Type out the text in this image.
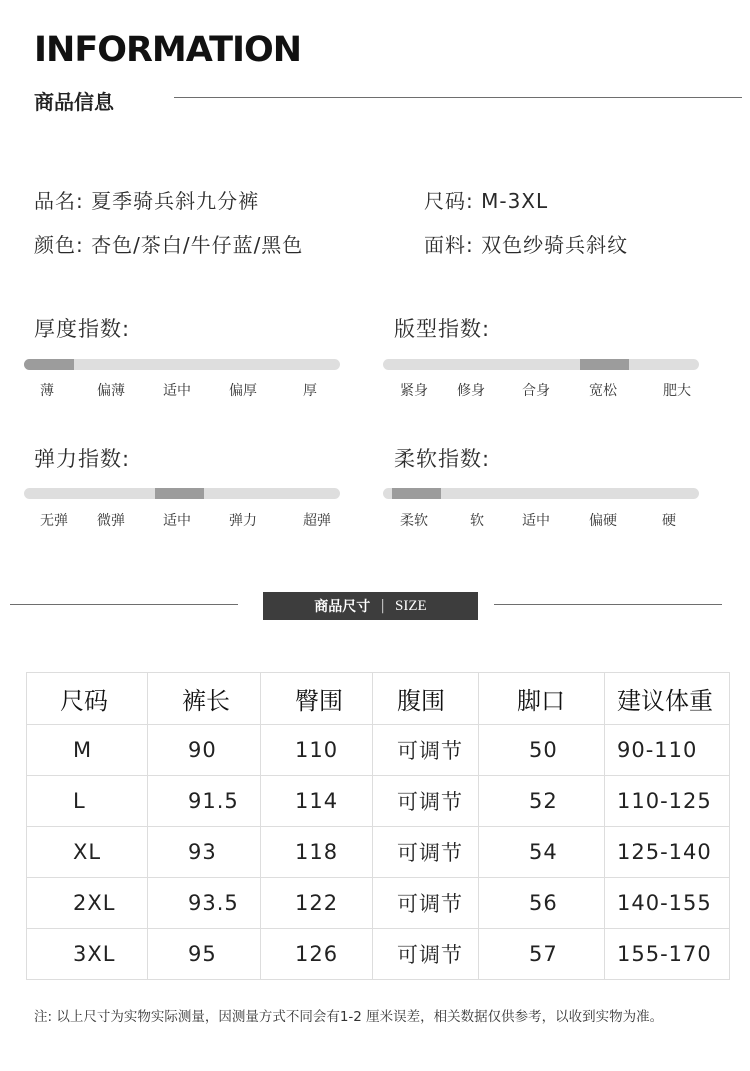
INFORMATION
商品信息
品名: 夏季骑兵斜九分裤	尺码: M-3XL
颜色: 杏色/茶白/牛仔蓝/黑色	面料: 双色纱骑兵斜纹
厚度指数:
薄	偏薄	适中	偏厚	厚
版型指数:
紧身 修身	合身	宽松	肥大
弹力指数:
无弹 微弹	适中	弹力	超弹
柔软指数:
柔软	软	适中	偏硬	硬
商品尺寸 | SIZE
尺码	裤长	臀围	腹围	脚口	建议体重
M	90	110	可调节	50	90-110
L	91.5	114	可调节	52	110-125
XL	93	118	可调节	54	125-140
2XL	93.5	122	可调节	56	140-155
3XL	95	126	可调节	57	155-170
注: 以上尺寸为实物实际测量，因测量方式不同会有1-2 厘米误差，相关数据仅供参考，以收到实物为准。
